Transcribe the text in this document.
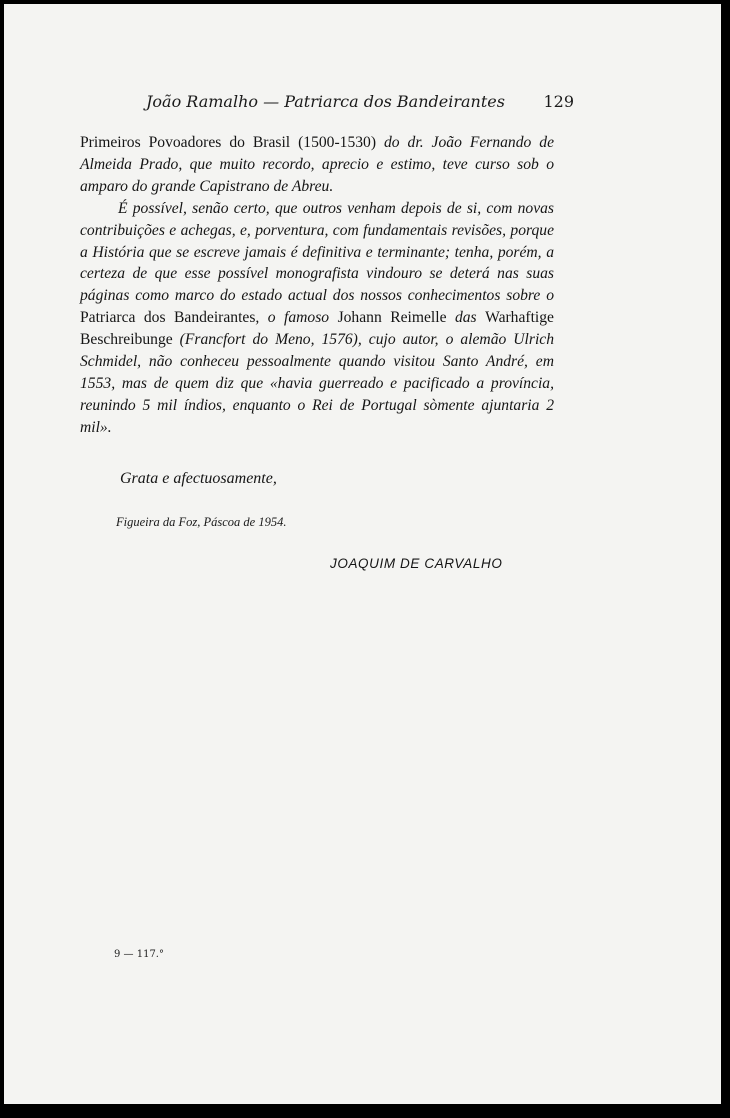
João Ramalho — Patriarca dos Bandeirantes 129

Primeiros Povoadores do Brasil (1500-1530) do dr. João Fernando de Almeida Prado, que muito recordo, aprecio e estimo, teve curso sob o amparo do grande Capistrano de Abreu.

É possível, senão certo, que outros venham depois de si, com novas contribuições e achegas, e, porventura, com fundamentais revisões, porque a História que se escreve jamais é definitiva e terminante; tenha, porém, a certeza de que esse possível monografista vindouro se deterá nas suas páginas como marco do estado actual dos nossos conhecimentos sobre o Patriarca dos Bandeirantes, o famoso Johann Reimelle das Warhaftige Beschreibunge (Francfort do Meno, 1576), cujo autor, o alemão Ulrich Schmidel, não conheceu pessoalmente quando visitou Santo André, em 1553, mas de quem diz que «havia guerreado e pacificado a província, reunindo 5 mil índios, enquanto o Rei de Portugal sòmente ajuntaria 2 mil».

Grata e afectuosamente,
Figueira da Foz, Páscoa de 1954.
JOAQUIM DE CARVALHO
9 — 117.°
